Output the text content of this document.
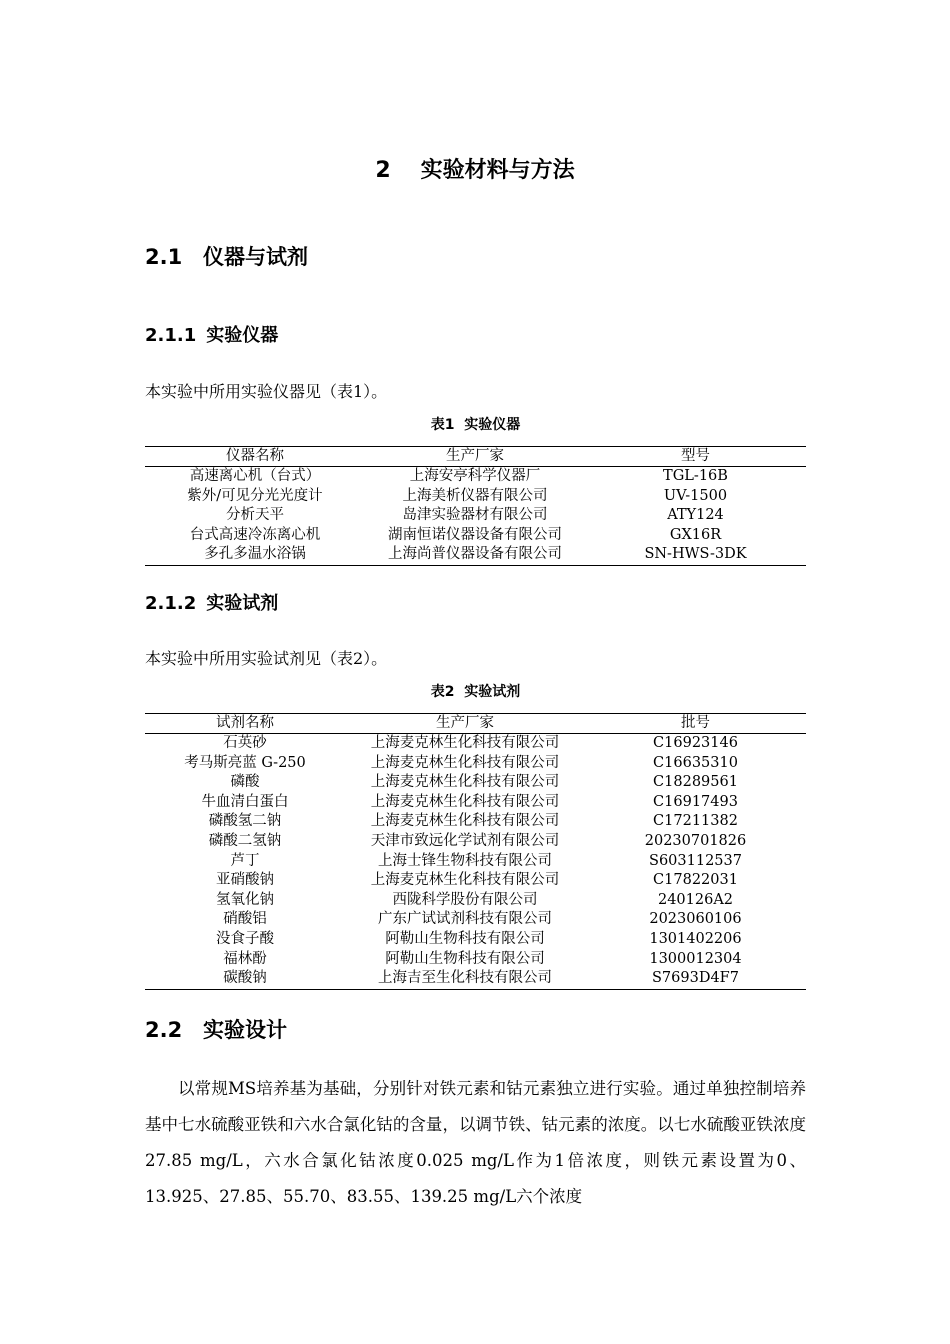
2 实验材料与方法
2.1 仪器与试剂
2.1.1 实验仪器
本实验中所用实验仪器见（表1）。
表1 实验仪器
仪器名称	生产厂家	型号
高速离心机（台式）	上海安亭科学仪器厂	TGL-16B
紫外/可见分光光度计	上海美析仪器有限公司	UV-1500
分析天平	岛津实验器材有限公司	ATY124
台式高速冷冻离心机	湖南恒诺仪器设备有限公司	GX16R
多孔多温水浴锅	上海尚普仪器设备有限公司	SN-HWS-3DK
2.1.2 实验试剂
本实验中所用实验试剂见（表2）。
表2 实验试剂
试剂名称	生产厂家	批号
石英砂	上海麦克林生化科技有限公司	C16923146
考马斯亮蓝 G-250	上海麦克林生化科技有限公司	C16635310
磷酸	上海麦克林生化科技有限公司	C18289561
牛血清白蛋白	上海麦克林生化科技有限公司	C16917493
磷酸氢二钠	上海麦克林生化科技有限公司	C17211382
磷酸二氢钠	天津市致远化学试剂有限公司	20230701826
芦丁	上海士锋生物科技有限公司	S603112537
亚硝酸钠	上海麦克林生化科技有限公司	C17822031
氢氧化钠	西陇科学股份有限公司	240126A2
硝酸铝	广东广试试剂科技有限公司	2023060106
没食子酸	阿勒山生物科技有限公司	1301402206
福林酚	阿勒山生物科技有限公司	1300012304
碳酸钠	上海吉至生化科技有限公司	S7693D4F7
2.2 实验设计

以常规MS培养基为基础，分别针对铁元素和钴元素独立进行实验。通过单独控制培养基中七水硫酸亚铁和六水合氯化钴的含量，以调节铁、钴元素的浓度。以七水硫酸亚铁浓度27.85 mg/L，六水合氯化钴浓度0.025 mg/L作为1倍浓度，则铁元素设置为0、13.925、27.85、55.70、83.55、139.25 mg/L六个浓度
